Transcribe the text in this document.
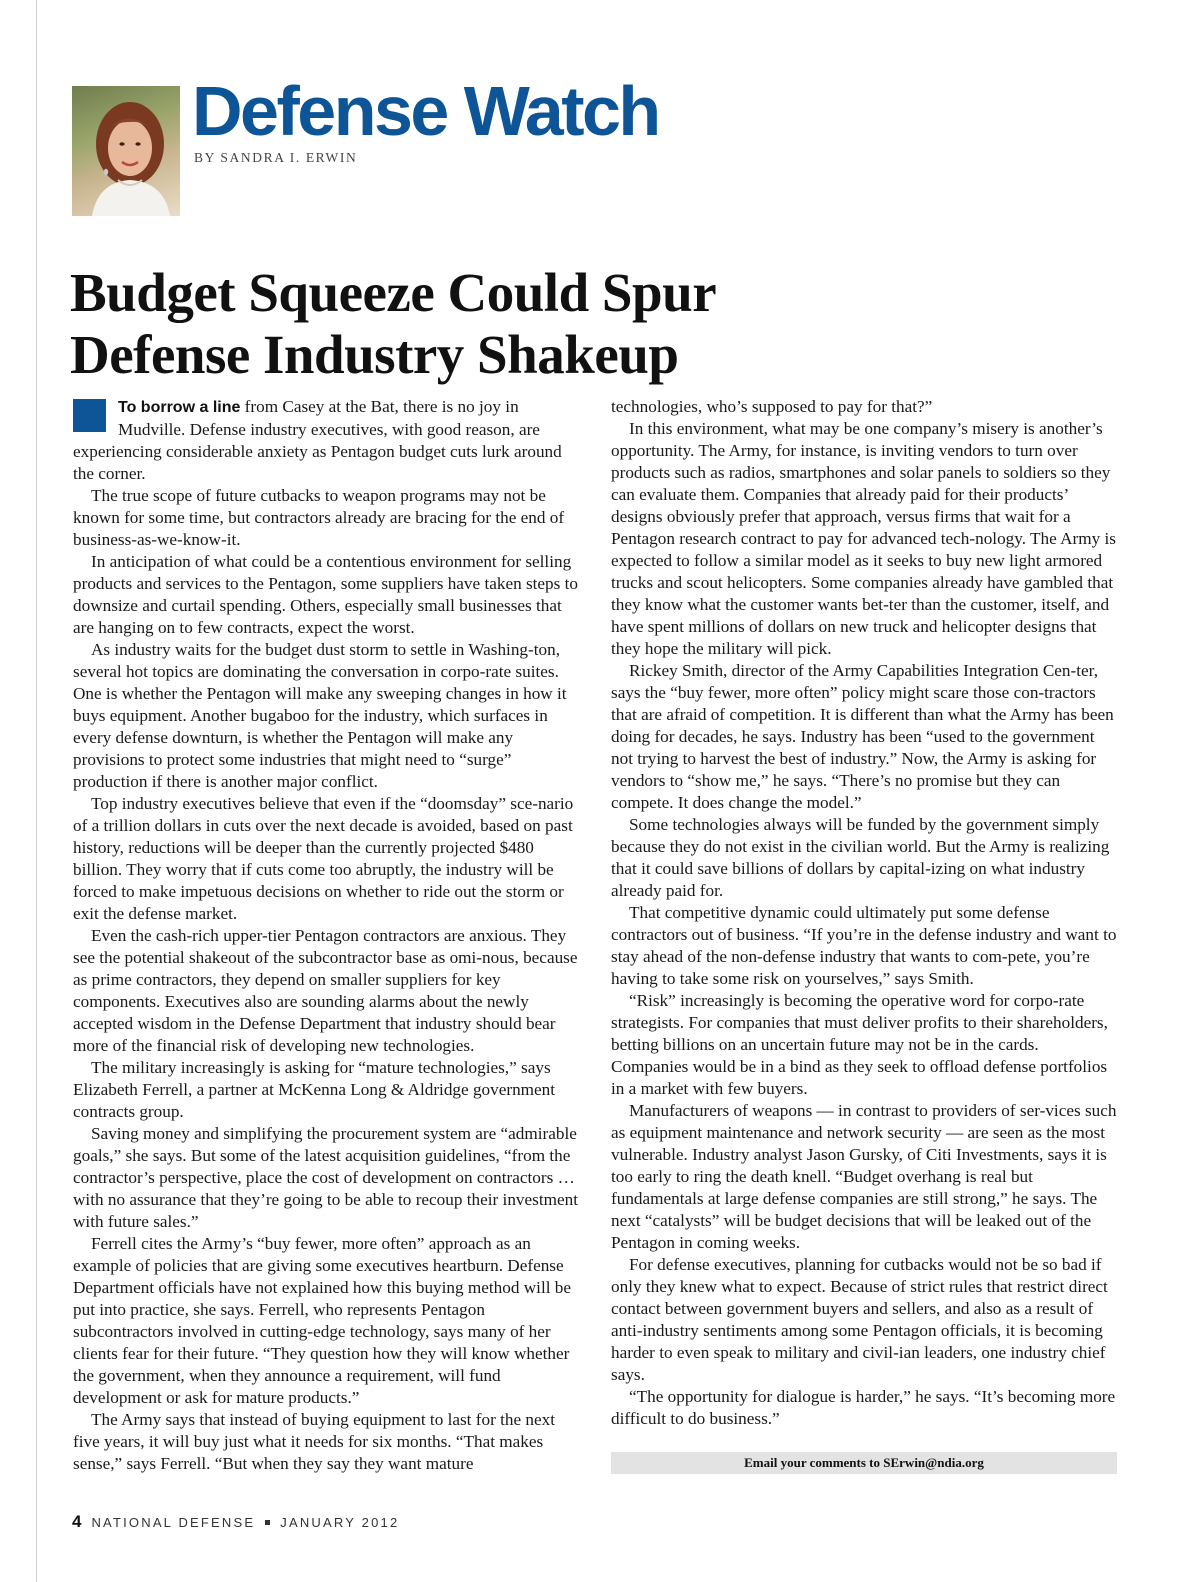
Defense Watch
BY SANDRA I. ERWIN
Budget Squeeze Could Spur
Defense Industry Shakeup

To borrow a line from Casey at the Bat, there is no joy in Mudville. Defense industry executives, with good reason, are experiencing considerable anxiety as Pentagon budget cuts lurk around the corner.

The true scope of future cutbacks to weapon programs may not be known for some time, but contractors already are bracing for the end of business-as-we-know-it.

In anticipation of what could be a contentious environment for selling products and services to the Pentagon, some suppliers have taken steps to downsize and curtail spending. Others, especially small businesses that are hanging on to few contracts, expect the worst.

As industry waits for the budget dust storm to settle in Washing-ton, several hot topics are dominating the conversation in corpo-rate suites. One is whether the Pentagon will make any sweeping changes in how it buys equipment. Another bugaboo for the industry, which surfaces in every defense downturn, is whether the Pentagon will make any provisions to protect some industries that might need to “surge” production if there is another major conflict.

Top industry executives believe that even if the “doomsday” sce-nario of a trillion dollars in cuts over the next decade is avoided, based on past history, reductions will be deeper than the currently projected $480 billion. They worry that if cuts come too abruptly, the industry will be forced to make impetuous decisions on whether to ride out the storm or exit the defense market.

Even the cash-rich upper-tier Pentagon contractors are anxious. They see the potential shakeout of the subcontractor base as omi-nous, because as prime contractors, they depend on smaller suppliers for key components. Executives also are sounding alarms about the newly accepted wisdom in the Defense Department that industry should bear more of the financial risk of developing new technologies.

The military increasingly is asking for “mature technologies,” says Elizabeth Ferrell, a partner at McKenna Long & Aldridge government contracts group.

Saving money and simplifying the procurement system are “admirable goals,” she says. But some of the latest acquisition guidelines, “from the contractor’s perspective, place the cost of development on contractors … with no assurance that they’re going to be able to recoup their investment with future sales.”

Ferrell cites the Army’s “buy fewer, more often” approach as an example of policies that are giving some executives heartburn. Defense Department officials have not explained how this buying method will be put into practice, she says. Ferrell, who represents Pentagon subcontractors involved in cutting-edge technology, says many of her clients fear for their future. “They question how they will know whether the government, when they announce a requirement, will fund development or ask for mature products.”

The Army says that instead of buying equipment to last for the next five years, it will buy just what it needs for six months. “That makes sense,” says Ferrell. “But when they say they want mature

technologies, who’s supposed to pay for that?”

In this environment, what may be one company’s misery is another’s opportunity. The Army, for instance, is inviting vendors to turn over products such as radios, smartphones and solar panels to soldiers so they can evaluate them. Companies that already paid for their products’ designs obviously prefer that approach, versus firms that wait for a Pentagon research contract to pay for advanced tech-nology. The Army is expected to follow a similar model as it seeks to buy new light armored trucks and scout helicopters. Some companies already have gambled that they know what the customer wants bet-ter than the customer, itself, and have spent millions of dollars on new truck and helicopter designs that they hope the military will pick.

Rickey Smith, director of the Army Capabilities Integration Cen-ter, says the “buy fewer, more often” policy might scare those con-tractors that are afraid of competition. It is different than what the Army has been doing for decades, he says. Industry has been “used to the government not trying to harvest the best of industry.” Now, the Army is asking for vendors to “show me,” he says. “There’s no promise but they can compete. It does change the model.”

Some technologies always will be funded by the government simply because they do not exist in the civilian world. But the Army is realizing that it could save billions of dollars by capital-izing on what industry already paid for.

That competitive dynamic could ultimately put some defense contractors out of business. “If you’re in the defense industry and want to stay ahead of the non-defense industry that wants to com-pete, you’re having to take some risk on yourselves,” says Smith.

“Risk” increasingly is becoming the operative word for corpo-rate strategists. For companies that must deliver profits to their shareholders, betting billions on an uncertain future may not be in the cards. Companies would be in a bind as they seek to offload defense portfolios in a market with few buyers.

Manufacturers of weapons — in contrast to providers of ser-vices such as equipment maintenance and network security — are seen as the most vulnerable. Industry analyst Jason Gursky, of Citi Investments, says it is too early to ring the death knell. “Budget overhang is real but fundamentals at large defense companies are still strong,” he says. The next “catalysts” will be budget decisions that will be leaked out of the Pentagon in coming weeks.

For defense executives, planning for cutbacks would not be so bad if only they knew what to expect. Because of strict rules that restrict direct contact between government buyers and sellers, and also as a result of anti-industry sentiments among some Pentagon officials, it is becoming harder to even speak to military and civil-ian leaders, one industry chief says.

“The opportunity for dialogue is harder,” he says. “It’s becoming more difficult to do business.”

Email your comments to SErwin@ndia.org
4 NATIONAL DEFENSE JANUARY 2012
